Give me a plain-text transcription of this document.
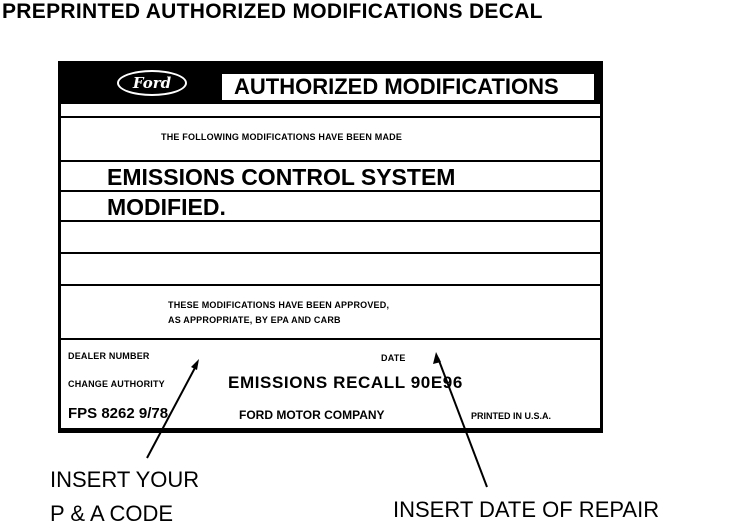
PREPRINTED AUTHORIZED MODIFICATIONS DECAL
Ford	AUTHORIZED MODIFICATIONS
THE FOLLOWING MODIFICATIONS HAVE BEEN MADE
EMISSIONS CONTROL SYSTEM
MODIFIED.
THESE MODIFICATIONS HAVE BEEN APPROVED,
AS APPROPRIATE, BY EPA AND CARB
DEALER NUMBER	DATE
CHANGE AUTHORITY	EMISSIONS RECALL 90E96
FPS 8262 9/78	FORD MOTOR COMPANY	PRINTED IN U.S.A.
INSERT YOUR
P & A CODE	INSERT DATE OF REPAIR
